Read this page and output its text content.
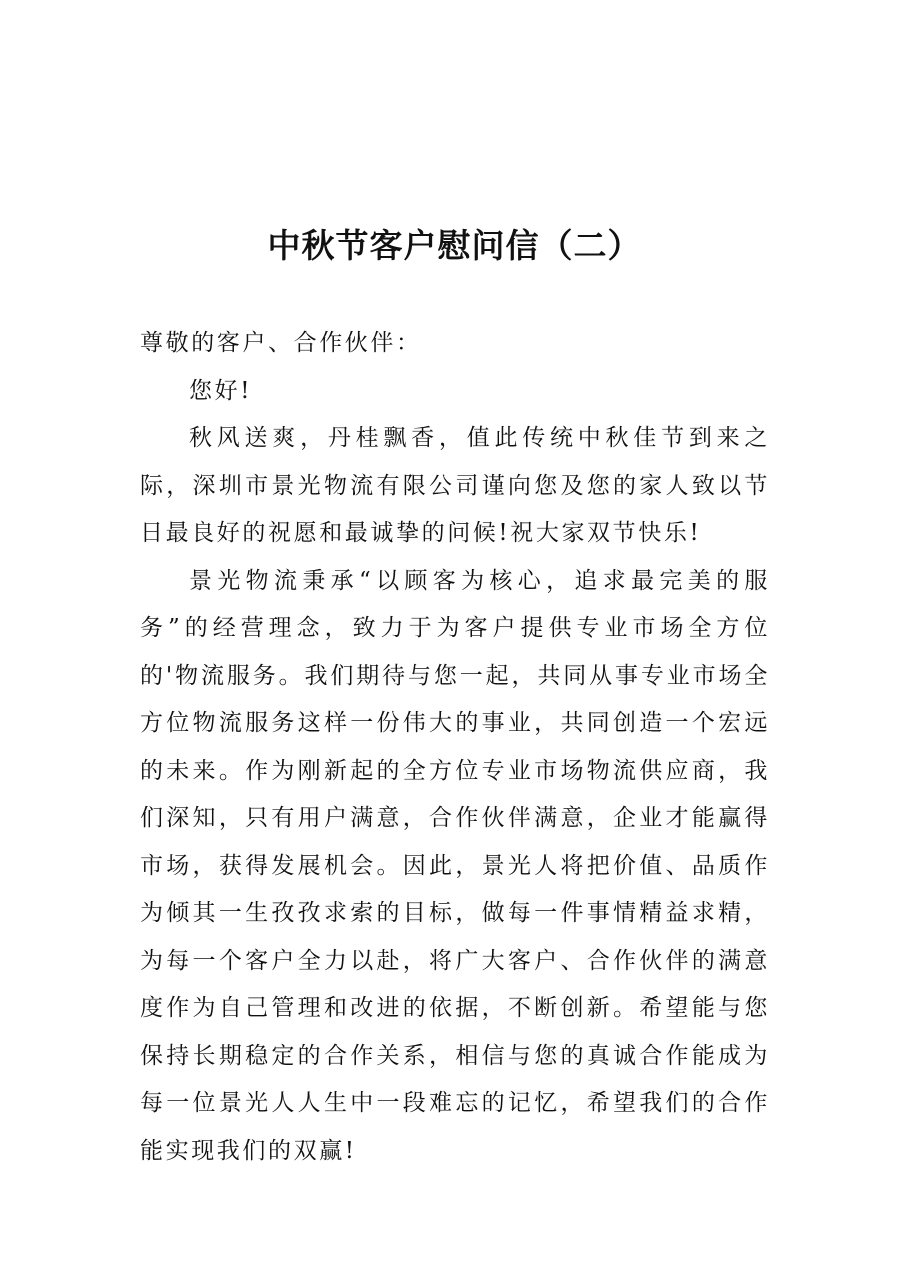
中秋节客户慰问信（二）

尊敬的客户、合作伙伴：

您好!

秋风送爽，丹桂飘香，值此传统中秋佳节到来之际，深圳市景光物流有限公司谨向您及您的家人致以节日最良好的祝愿和最诚挚的问候!祝大家双节快乐!

景光物流秉承“以顾客为核心，追求最完美的服务”的经营理念，致力于为客户提供专业市场全方位的'物流服务。我们期待与您一起，共同从事专业市场全方位物流服务这样一份伟大的事业，共同创造一个宏远的未来。作为刚新起的全方位专业市场物流供应商，我们深知，只有用户满意，合作伙伴满意，企业才能赢得市场，获得发展机会。因此，景光人将把价值、品质作为倾其一生孜孜求索的目标，做每一件事情精益求精，为每一个客户全力以赴，将广大客户、合作伙伴的满意度作为自己管理和改进的依据，不断创新。希望能与您保持长期稳定的合作关系，相信与您的真诚合作能成为每一位景光人人生中一段难忘的记忆，希望我们的合作能实现我们的双赢!
